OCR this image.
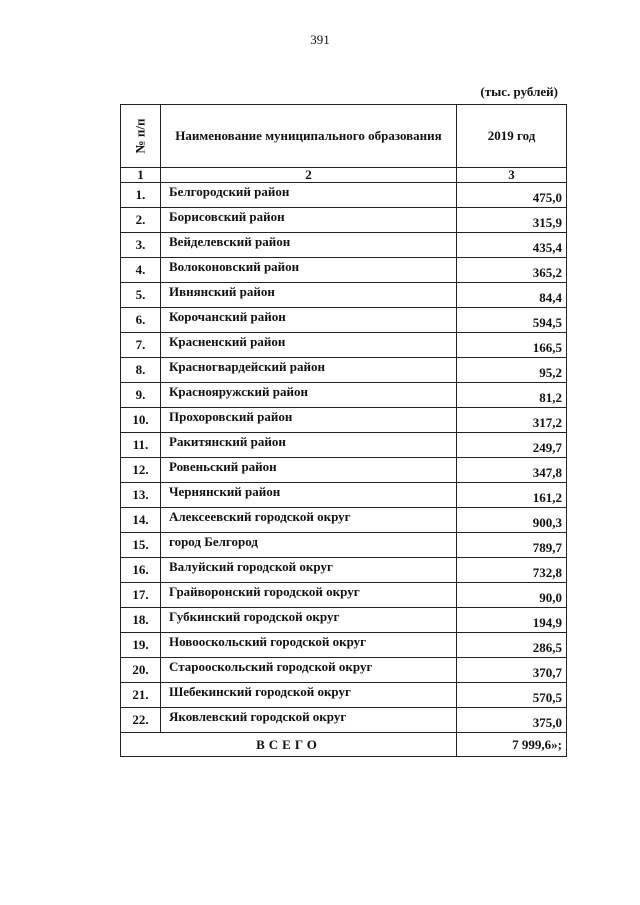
391
(тыс. рублей)
№ п/п	Наименование муниципального образования	2019 год
1	2	3
1.	Белгородский район	475,0
2.	Борисовский район	315,9
3.	Вейделевский район	435,4
4.	Волоконовский район	365,2
5.	Ивнянский район	84,4
6.	Корочанский район	594,5
7.	Красненский район	166,5
8.	Красногвардейский район	95,2
9.	Краснояружский район	81,2
10.	Прохоровский район	317,2
11.	Ракитянский район	249,7
12.	Ровеньский район	347,8
13.	Чернянский район	161,2
14.	Алексеевский городской округ	900,3
15.	город Белгород	789,7
16.	Валуйский городской округ	732,8
17.	Грайворонский городской округ	90,0
18.	Губкинский городской округ	194,9
19.	Новооскольский городской округ	286,5
20.	Старооскольский городской округ	370,7
21.	Шебекинский городской округ	570,5
22.	Яковлевский городской округ	375,0
ВСЕГО		7 999,6»;
